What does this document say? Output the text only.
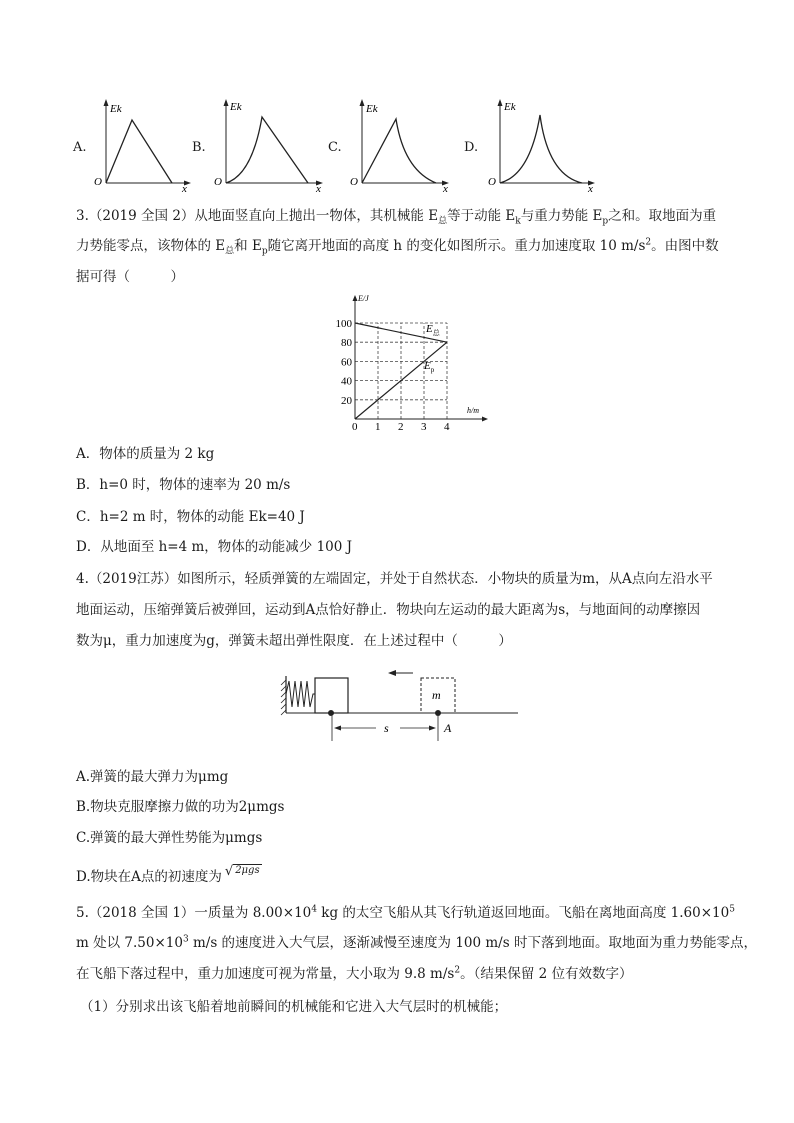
A.	B.	C.	D.
Ek
O
x
Ek
O
x
Ek
O
x
Ek
O
x
3.（2019 全国 2）从地面竖直向上抛出一物体，其机械能 $E_总$等于动能 $E_k$与重力势能 $E_p$之和。取地面为重
力势能零点，该物体的 $E_总$和 $E_p$随它离开地面的高度 h 的变化如图所示。重力加速度取 10 $m/s^2$。由图中数
据可得（　　　）
0 1 2 3 4
20
40
60
80
100
E/J
h/m
$E_总$
$E_p$
A．物体的质量为 2 kg
B．h=0 时，物体的速率为 20 m/s
C．h=2 m 时，物体的动能 Ek=40 J
D．从地面至 h=4 m，物体的动能减少 100 J
4.（2019江苏）如图所示，轻质弹簧的左端固定，并处于自然状态．小物块的质量为m，从A点向左沿水平
地面运动，压缩弹簧后被弹回，运动到A点恰好静止．物块向左运动的最大距离为s，与地面间的动摩擦因
数为μ，重力加速度为g，弹簧未超出弹性限度．在上述过程中（　　　）
m
s	A
A.弹簧的最大弹力为μmg
B.物块克服摩擦力做的功为2μmgs
C.弹簧的最大弹性势能为μmgs
D.物块在A点的初速度为 √ $^{2\mu gs}$
5.（2018 全国 1）一质量为 $8.00\times 10^4$ kg 的太空飞船从其飞行轨道返回地面。飞船在离地面高度 $1.60\times 10^5$
m 处以 $7.50\times 10^3$ m/s 的速度进入大气层，逐渐减慢至速度为 100 m/s 时下落到地面。取地面为重力势能零点，
在飞船下落过程中，重力加速度可视为常量，大小取为 9.8 $m/s^2$。（结果保留 2 位有效数字）
（1）分别求出该飞船着地前瞬间的机械能和它进入大气层时的机械能；
